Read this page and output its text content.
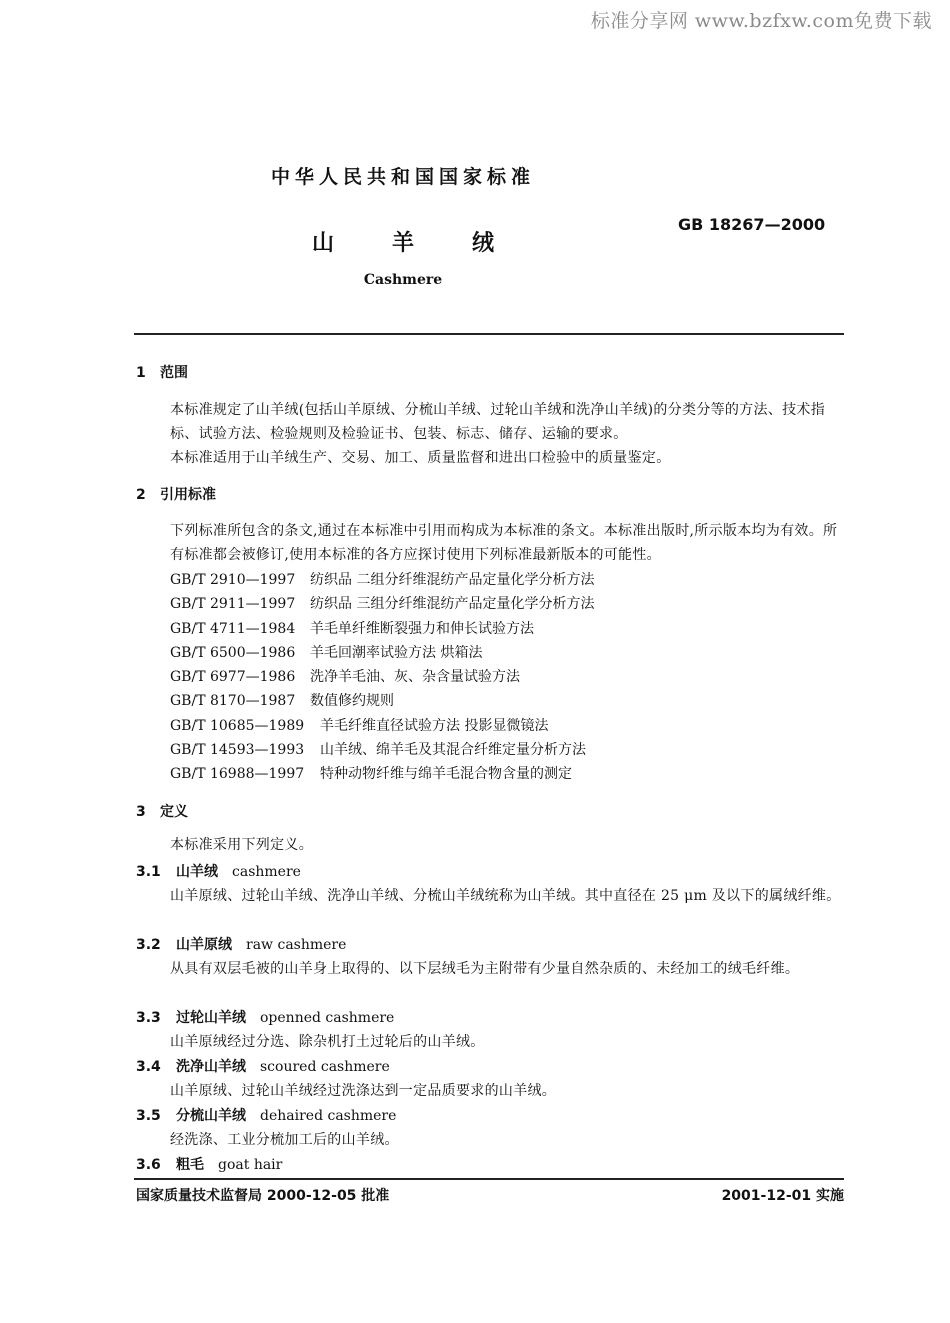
标准分享网 www.bzfxw.com免费下载
中华人民共和国国家标准
GB 18267—2000
山羊绒
Cashmere
1 范围
本标准规定了山羊绒(包括山羊原绒、分梳山羊绒、过轮山羊绒和洗净山羊绒)的分类分等的方法、技术指标、试验方法、检验规则及检验证书、包装、标志、储存、运输的要求。
本标准适用于山羊绒生产、交易、加工、质量监督和进出口检验中的质量鉴定。
2 引用标准
下列标准所包含的条文,通过在本标准中引用而构成为本标准的条文。本标准出版时,所示版本均为有效。所有标准都会被修订,使用本标准的各方应探讨使用下列标准最新版本的可能性。
GB/T 2910—1997 纺织品 二组分纤维混纺产品定量化学分析方法
GB/T 2911—1997 纺织品 三组分纤维混纺产品定量化学分析方法
GB/T 4711—1984 羊毛单纤维断裂强力和伸长试验方法
GB/T 6500—1986 羊毛回潮率试验方法 烘箱法
GB/T 6977—1986 洗净羊毛油、灰、杂含量试验方法
GB/T 8170—1987 数值修约规则
GB/T 10685—1989 羊毛纤维直径试验方法 投影显微镜法
GB/T 14593—1993 山羊绒、绵羊毛及其混合纤维定量分析方法
GB/T 16988—1997 特种动物纤维与绵羊毛混合物含量的测定
3 定义
本标准采用下列定义。
3.1 山羊绒 cashmere
山羊原绒、过轮山羊绒、洗净山羊绒、分梳山羊绒统称为山羊绒。其中直径在 25 μm 及以下的属绒纤维。
3.2 山羊原绒 raw cashmere
从具有双层毛被的山羊身上取得的、以下层绒毛为主附带有少量自然杂质的、未经加工的绒毛纤维。
3.3 过轮山羊绒 openned cashmere
山羊原绒经过分选、除杂机打土过轮后的山羊绒。
3.4 洗净山羊绒 scoured cashmere
山羊原绒、过轮山羊绒经过洗涤达到一定品质要求的山羊绒。
3.5 分梳山羊绒 dehaired cashmere
经洗涤、工业分梳加工后的山羊绒。
3.6 粗毛 goat hair
国家质量技术监督局 2000-12-05 批准	2001-12-01 实施
